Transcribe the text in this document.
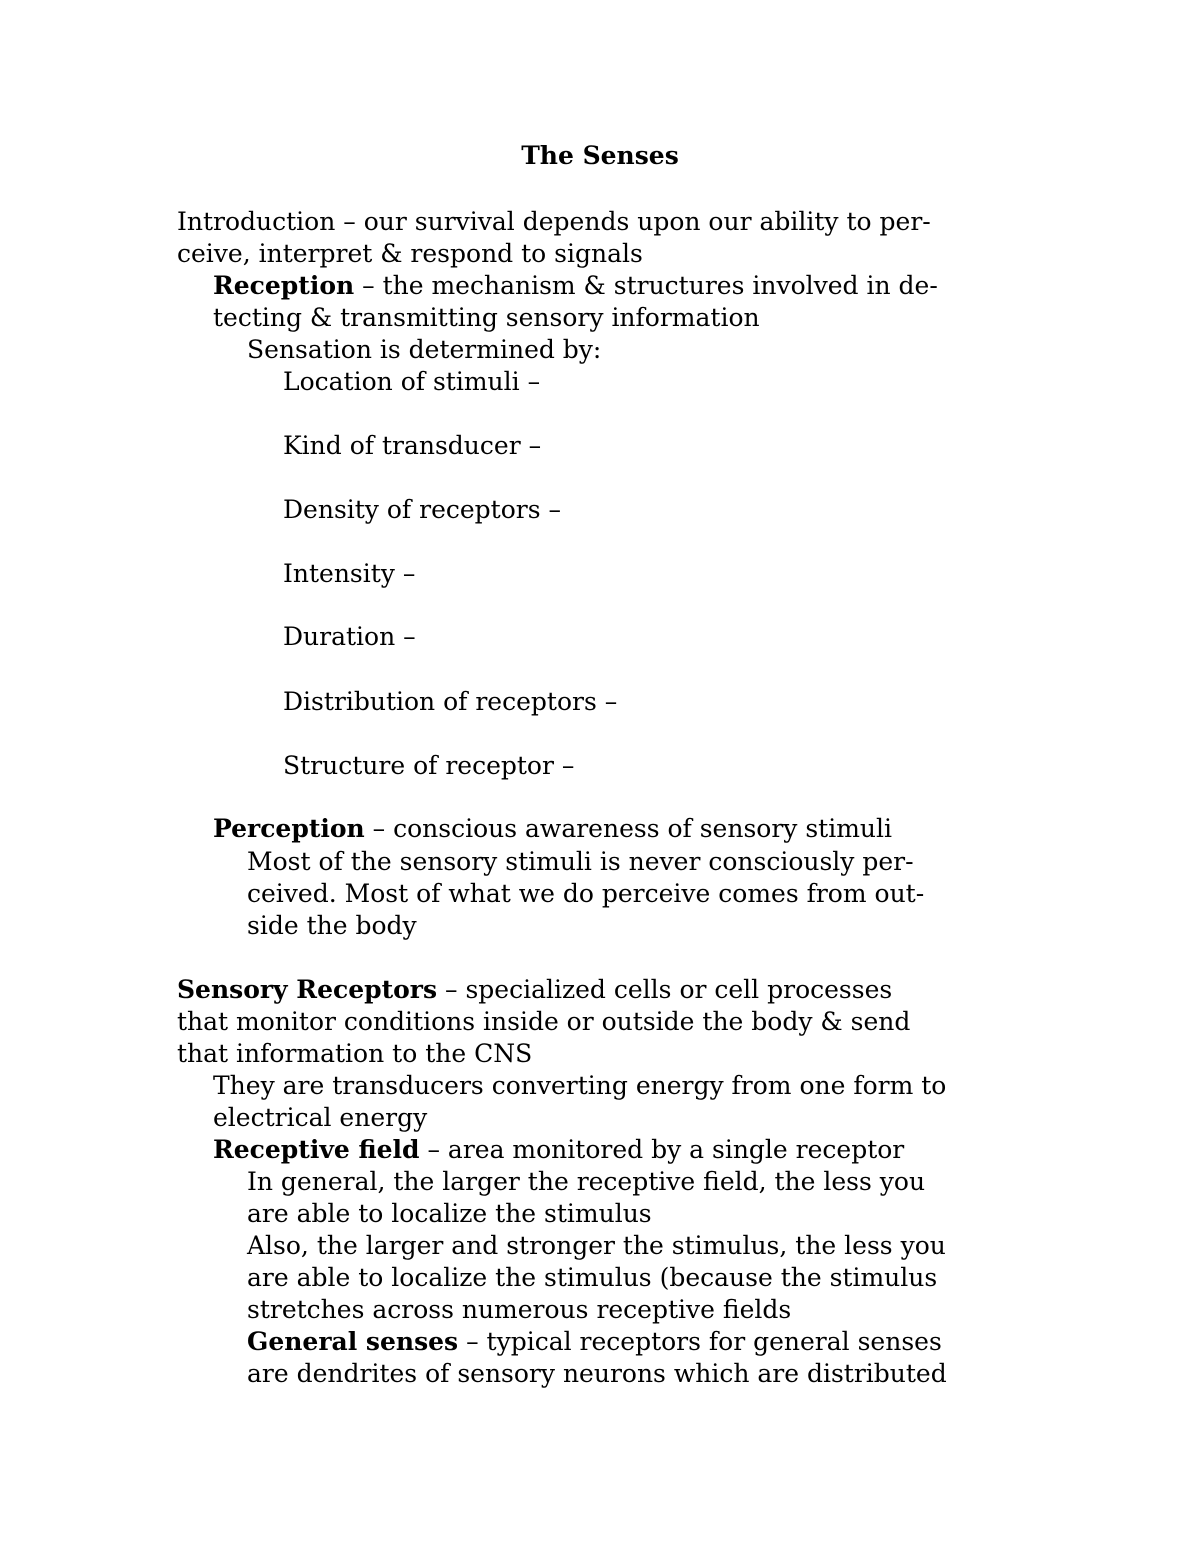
The Senses
Introduction – our survival depends upon our ability to per-
ceive, interpret & respond to signals
Reception – the mechanism & structures involved in de-
tecting & transmitting sensory information
Sensation is determined by:
Location of stimuli –
Kind of transducer –
Density of receptors –
Intensity –
Duration –
Distribution of receptors –
Structure of receptor –
Perception – conscious awareness of sensory stimuli
Most of the sensory stimuli is never consciously per-
ceived. Most of what we do perceive comes from out-
side the body
Sensory Receptors – specialized cells or cell processes
that monitor conditions inside or outside the body & send
that information to the CNS
They are transducers converting energy from one form to
electrical energy
Receptive field – area monitored by a single receptor
In general, the larger the receptive field, the less you
are able to localize the stimulus
Also, the larger and stronger the stimulus, the less you
are able to localize the stimulus (because the stimulus
stretches across numerous receptive fields
General senses – typical receptors for general senses
are dendrites of sensory neurons which are distributed
